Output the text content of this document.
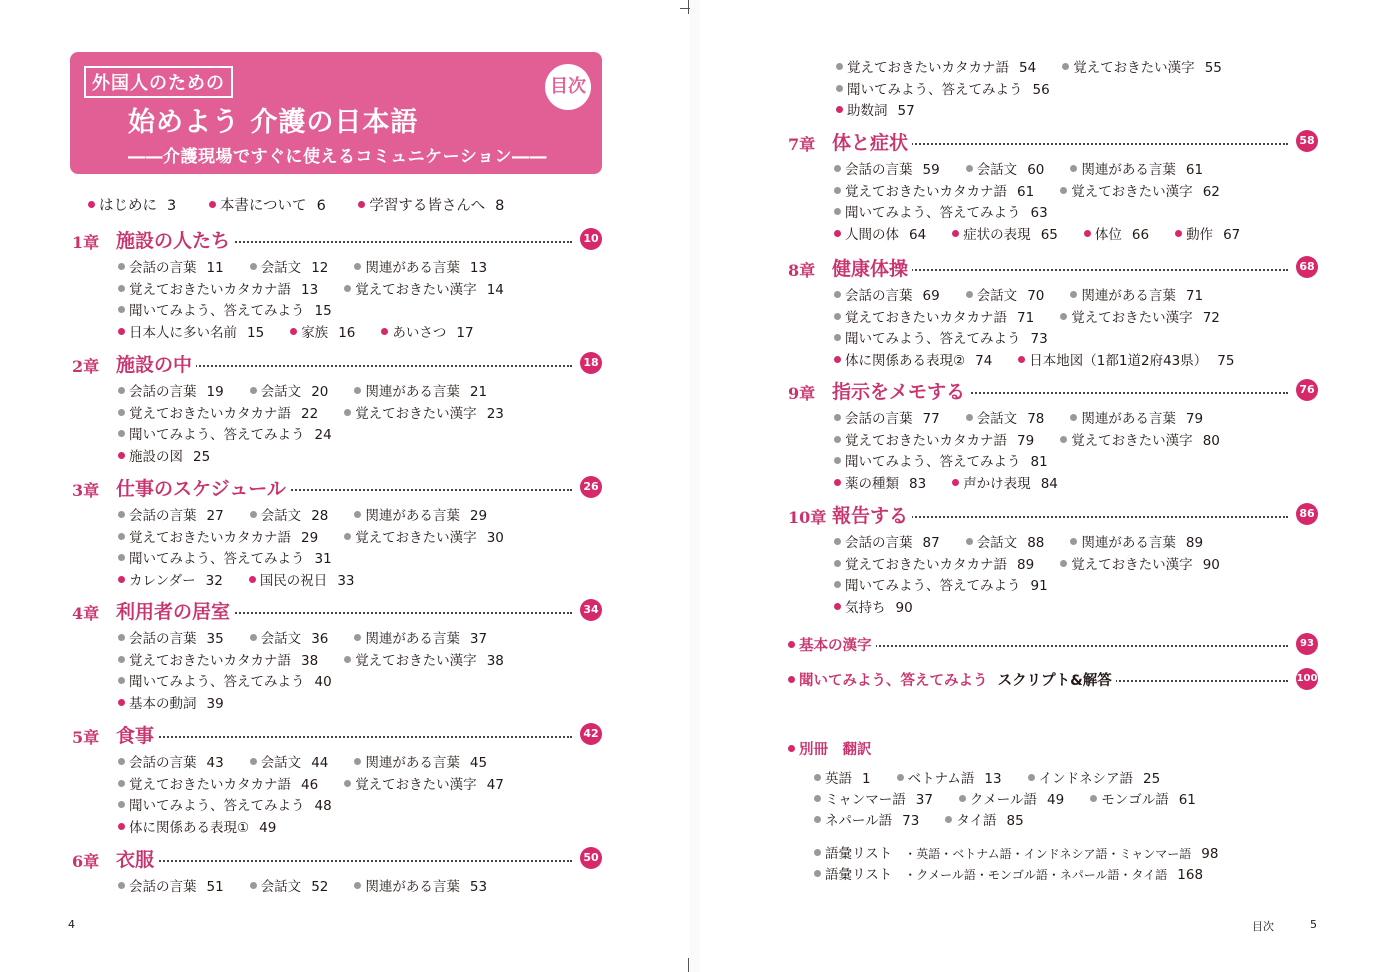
外国人のための
始めよう 介護の日本語
――介護現場ですぐに使えるコミュニケーション――
目次
はじめに 3	本書について 6	学習する皆さんへ 8
1章 施設の人たち	10
会話の言葉 11	会話文 12	関連がある言葉 13
覚えておきたいカタカナ語 13	覚えておきたい漢字 14
聞いてみよう、答えてみよう 15
日本人に多い名前 15	家族 16	あいさつ 17
2章 施設の中	18
会話の言葉 19	会話文 20	関連がある言葉 21
覚えておきたいカタカナ語 22	覚えておきたい漢字 23
聞いてみよう、答えてみよう 24
施設の図 25
3章 仕事のスケジュール	26
会話の言葉 27	会話文 28	関連がある言葉 29
覚えておきたいカタカナ語 29	覚えておきたい漢字 30
聞いてみよう、答えてみよう 31
カレンダー 32	国民の祝日 33
4章 利用者の居室	34
会話の言葉 35	会話文 36	関連がある言葉 37
覚えておきたいカタカナ語 38	覚えておきたい漢字 38
聞いてみよう、答えてみよう 40
基本の動詞 39
5章 食事	42
会話の言葉 43	会話文 44	関連がある言葉 45
覚えておきたいカタカナ語 46	覚えておきたい漢字 47
聞いてみよう、答えてみよう 48
体に関係ある表現① 49
6章 衣服	50
会話の言葉 51	会話文 52	関連がある言葉 53
4
覚えておきたいカタカナ語 54	覚えておきたい漢字 55
聞いてみよう、答えてみよう 56
助数詞 57
7章 体と症状	58
会話の言葉 59	会話文 60	関連がある言葉 61
覚えておきたいカタカナ語 61	覚えておきたい漢字 62
聞いてみよう、答えてみよう 63
人間の体 64	症状の表現 65	体位 66	動作 67
8章 健康体操	68
会話の言葉 69	会話文 70	関連がある言葉 71
覚えておきたいカタカナ語 71	覚えておきたい漢字 72
聞いてみよう、答えてみよう 73
体に関係ある表現② 74	日本地図（1都1道2府43県） 75
9章 指示をメモする	76
会話の言葉 77	会話文 78	関連がある言葉 79
覚えておきたいカタカナ語 79	覚えておきたい漢字 80
聞いてみよう、答えてみよう 81
薬の種類 83	声かけ表現 84
10章 報告する	86
会話の言葉 87	会話文 88	関連がある言葉 89
覚えておきたいカタカナ語 89	覚えておきたい漢字 90
聞いてみよう、答えてみよう 91
気持ち 90
基本の漢字	93
聞いてみよう、答えてみよう スクリプト&解答	100
別冊　翻訳
英語 1	ベトナム語 13	インドネシア語 25
ミャンマー語 37	クメール語 49	モンゴル語 61
ネパール語 73	タイ語 85
語彙リスト ・英語・ベトナム語・インドネシア語・ミャンマー語 98
語彙リスト ・クメール語・モンゴル語・ネパール語・タイ語 168
目次	5
